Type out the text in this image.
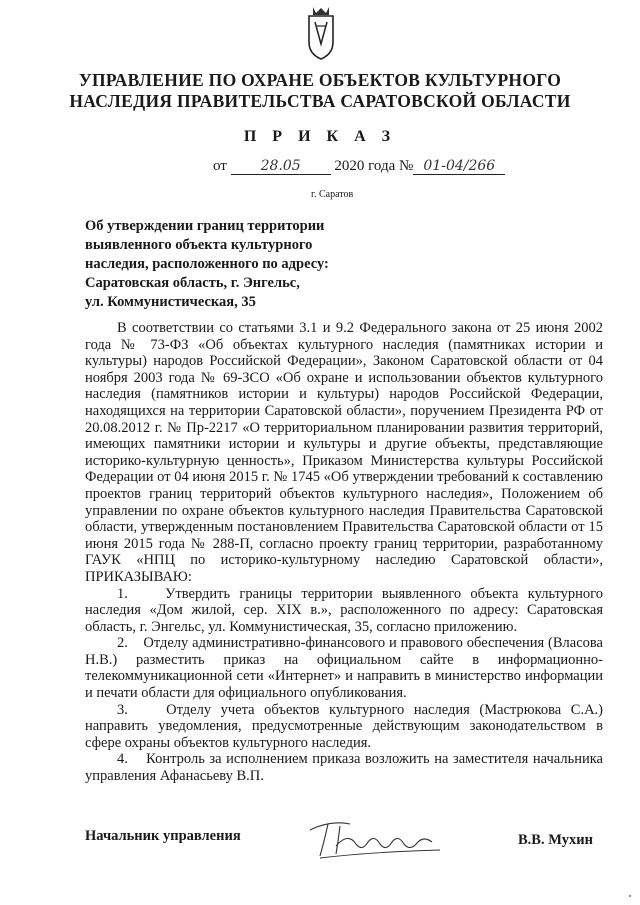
УПРАВЛЕНИЕ ПО ОХРАНЕ ОБЪЕКТОВ КУЛЬТУРНОГО
НАСЛЕДИЯ ПРАВИТЕЛЬСТВА САРАТОВСКОЙ ОБЛАСТИ
П Р И К А З
от 28.05 2020 года № 01-04/266
г. Саратов
Об утверждении границ территории
выявленного объекта культурного
наследия, расположенного по адресу:
Саратовская область, г. Энгельс,
ул. Коммунистическая, 35

В соответствии со статьями 3.1 и 9.2 Федерального закона от 25 июня 2002 года № 73-ФЗ «Об объектах культурного наследия (памятниках истории и культуры) народов Российской Федерации», Законом Саратовской области от 04 ноября 2003 года № 69-ЗСО «Об охране и использовании объектов культурного наследия (памятников истории и культуры) народов Российской Федерации, находящихся на территории Саратовской области», поручением Президента РФ от 20.08.2012 г. № Пр-2217 «О территориальном планировании развития территорий, имеющих памятники истории и культуры и другие объекты, представляющие историко-культурную ценность», Приказом Министерства культуры Российской Федерации от 04 июня 2015 г. № 1745 «Об утверждении требований к составлению проектов границ территорий объектов культурного наследия», Положением об управлении по охране объектов культурного наследия Правительства Саратовской области, утвержденным постановлением Правительства Саратовской области от 15 июня 2015 года № 288-П, согласно проекту границ территории, разработанному ГАУК «НПЦ по историко-культурному наследию Саратовской области», ПРИКАЗЫВАЮ:

1.    Утвердить границы территории выявленного объекта культурного наследия «Дом жилой, сер. XIX в.», расположенного по адресу: Саратовская область, г. Энгельс, ул. Коммунистическая, 35, согласно приложению.

2.    Отделу административно-финансового и правового обеспечения (Власова Н.В.) разместить приказ на официальном сайте в информационно-телекоммуникационной сети «Интернет» и направить в министерство информации и печати области для официального опубликования.

3.    Отделу учета объектов культурного наследия (Мастрюкова С.А.) направить уведомления, предусмотренные действующим законодательством в сфере охраны объектов культурного наследия.

4.    Контроль за исполнением приказа возложить на заместителя начальника управления Афанасьеву В.П.

Начальник управления	В.В. Мухин
